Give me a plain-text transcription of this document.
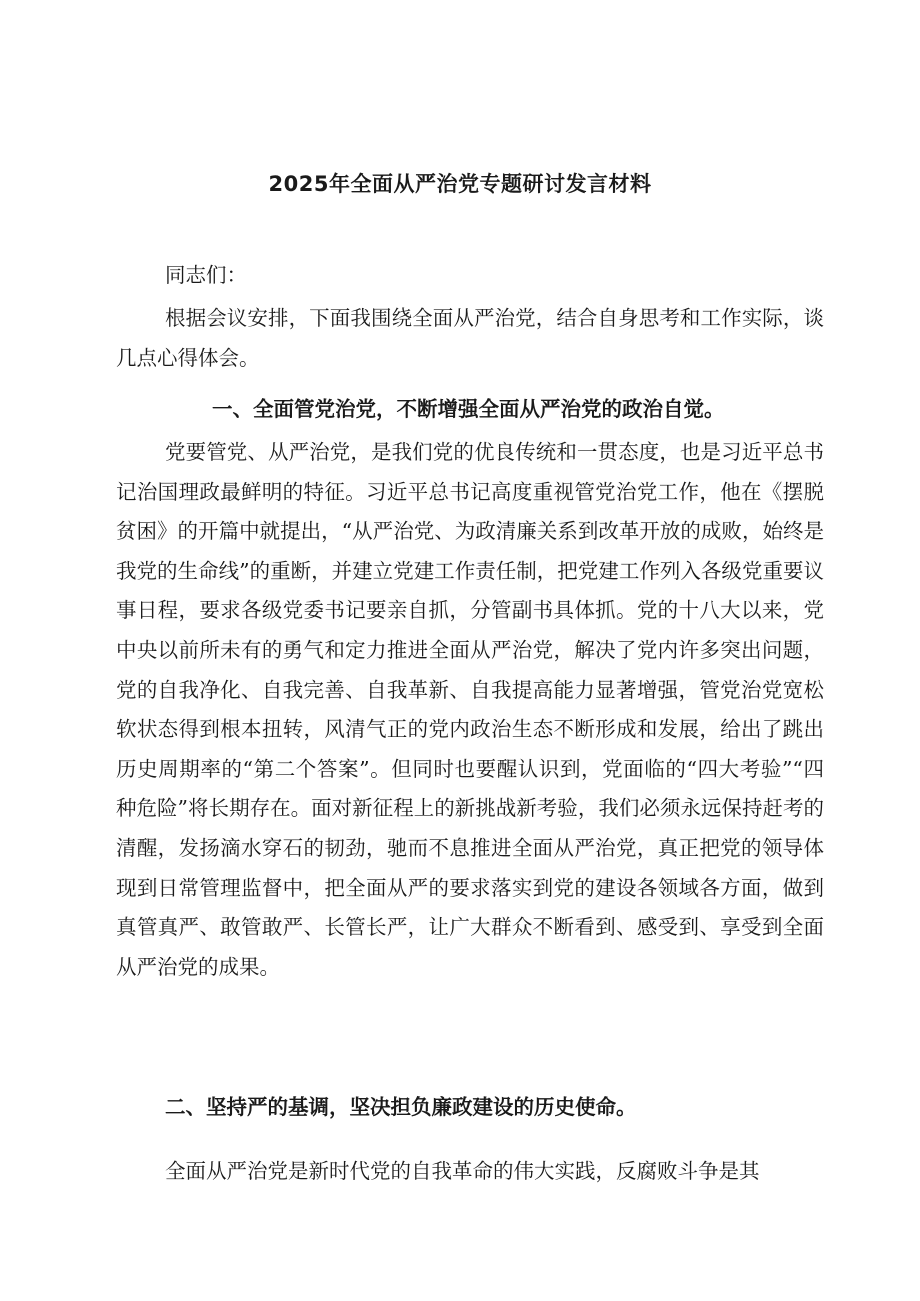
2025年全面从严治党专题研讨发言材料

同志们：

根据会议安排，下面我围绕全面从严治党，结合自身思考和工作实际，谈几点心得体会。

一、全面管党治党，不断增强全面从严治党的政治自觉。

党要管党、从严治党，是我们党的优良传统和一贯态度，也是习近平总书记治国理政最鲜明的特征。习近平总书记高度重视管党治党工作，他在《摆脱贫困》的开篇中就提出，“从严治党、为政清廉关系到改革开放的成败，始终是我党的生命线”的重断，并建立党建工作责任制，把党建工作列入各级党重要议事日程，要求各级党委书记要亲自抓，分管副书具体抓。党的十八大以来，党中央以前所未有的勇气和定力推进全面从严治党，解决了党内许多突出问题，党的自我净化、自我完善、自我革新、自我提高能力显著增强，管党治党宽松软状态得到根本扭转，风清气正的党内政治生态不断形成和发展，给出了跳出历史周期率的“第二个答案”。但同时也要醒认识到，党面临的“四大考验”“四种危险”将长期存在。面对新征程上的新挑战新考验，我们必须永远保持赶考的清醒，发扬滴水穿石的韧劲，驰而不息推进全面从严治党，真正把党的领导体现到日常管理监督中，把全面从严的要求落实到党的建设各领域各方面，做到真管真严、敢管敢严、长管长严，让广大群众不断看到、感受到、享受到全面从严治党的成果。

二、坚持严的基调，坚决担负廉政建设的历史使命。

全面从严治党是新时代党的自我革命的伟大实践，反腐败斗争是其
